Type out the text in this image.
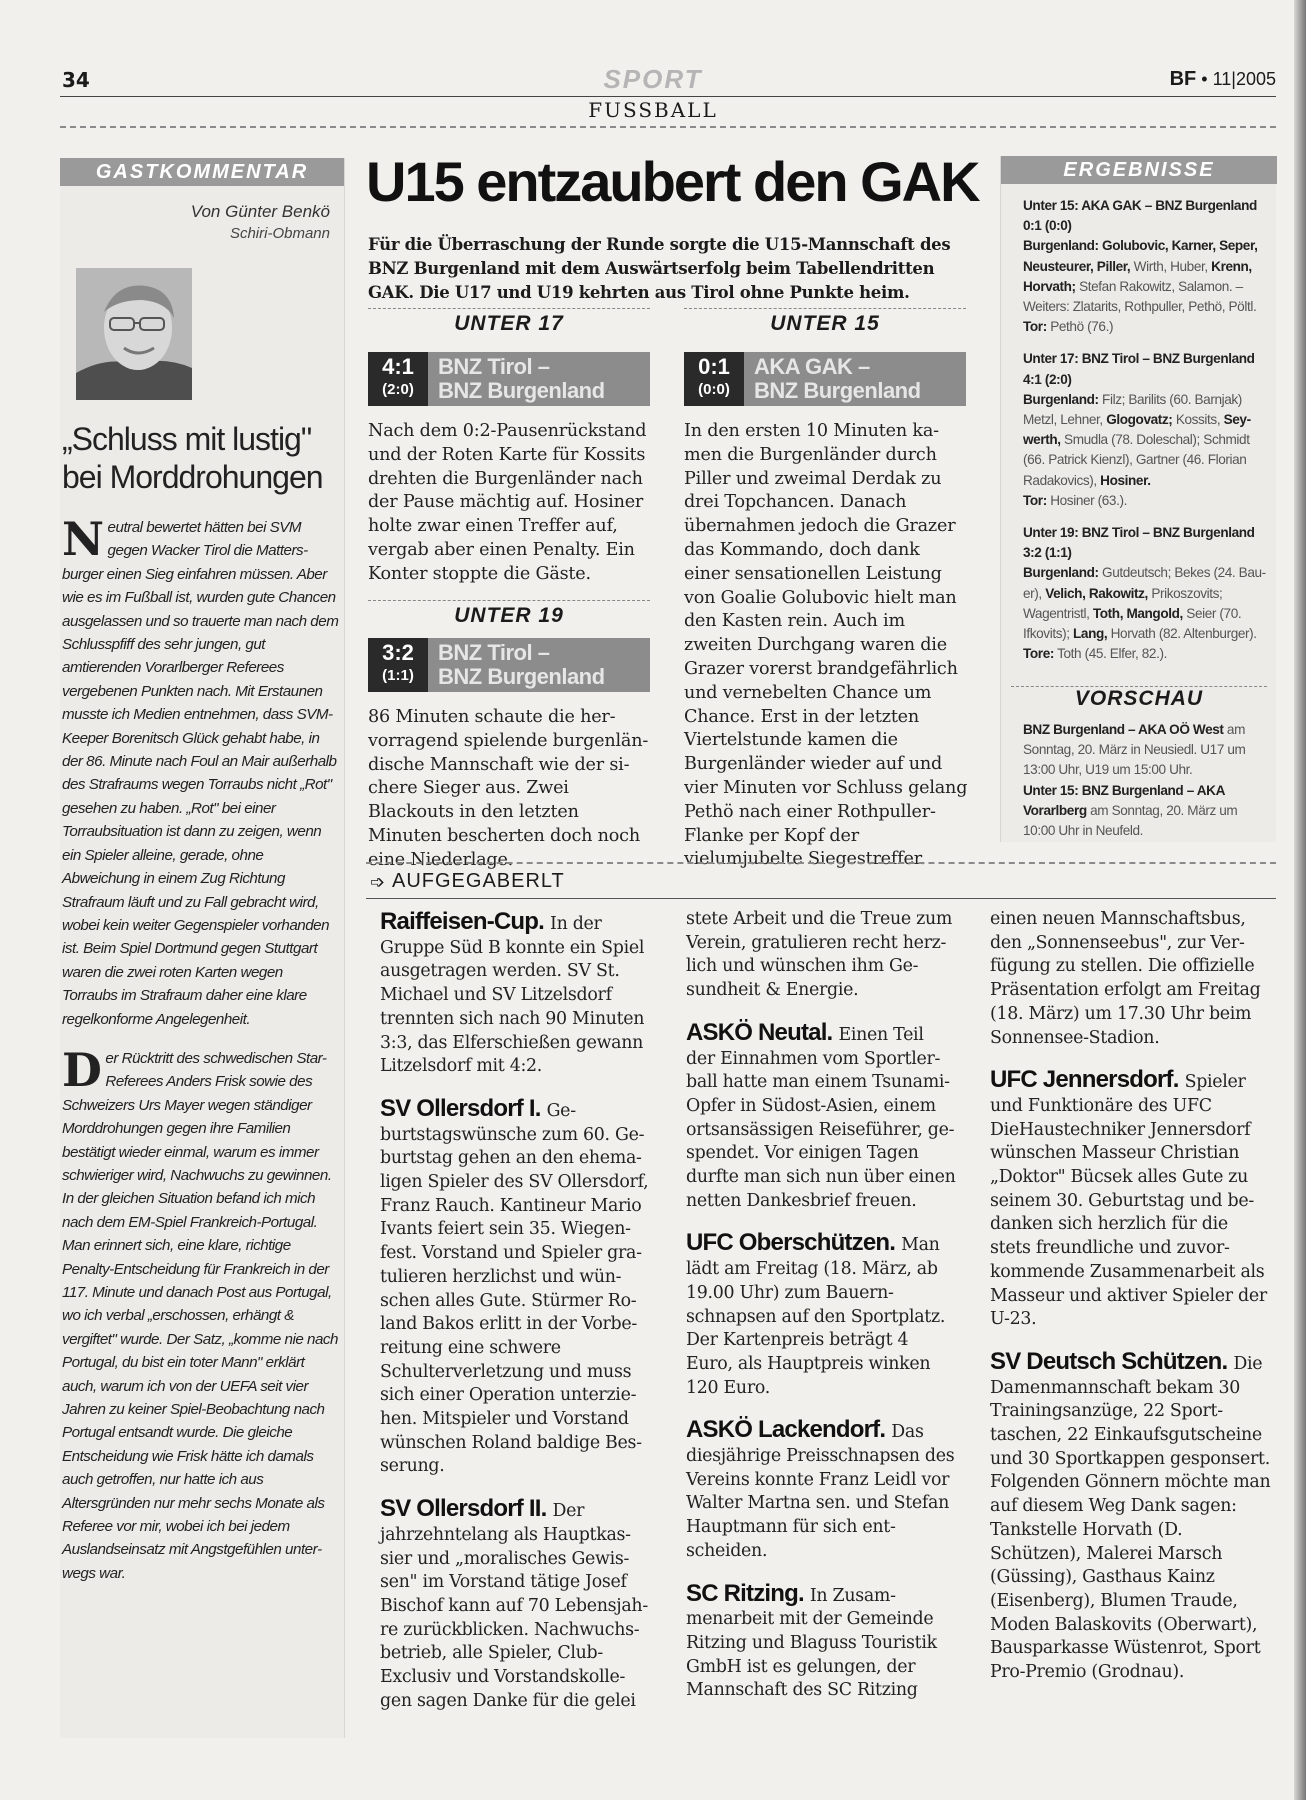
34	SPORT	BF • 11|2005
FUSSBALL
GASTKOMMENTAR
Von Günter Benkö
Schiri-Obmann
„Schluss mit lustig" bei Morddrohungen

Neutral bewertet hätten bei SVM gegen Wacker Tirol die Mattersburger einen Sieg einfahren müssen. Aber wie es im Fußball ist, wurden gute Chancen ausgelassen und so trauerte man nach dem Schlusspfiff des sehr jungen, gut amtierenden Vorarlberger Referees vergebenen Punkten nach. Mit Erstaunen musste ich Medien entnehmen, dass SVM-Keeper Borenitsch Glück gehabt habe, in der 86. Minute nach Foul an Mair außerhalb des Strafraums wegen Torraubs nicht „Rot" gesehen zu haben. „Rot" bei einer Torraubsituation ist dann zu zeigen, wenn ein Spieler alleine, gerade, ohne Abweichung in einem Zug Richtung Strafraum läuft und zu Fall gebracht wird, wobei kein weiter Gegenspieler vorhanden ist. Beim Spiel Dortmund gegen Stuttgart waren die zwei roten Karten wegen Torraubs im Strafraum daher eine klare regelkonforme Angelegenheit.

Der Rücktritt des schwedischen Star-Referees Anders Frisk sowie des Schweizers Urs Mayer wegen ständiger Morddrohungen gegen ihre Familien bestätigt wieder einmal, warum es immer schwieriger wird, Nachwuchs zu gewinnen. In der gleichen Situation befand ich mich nach dem EM-Spiel Frankreich-Portugal. Man erinnert sich, eine klare, richtige Penalty-Entscheidung für Frankreich in der 117. Minute und danach Post aus Portugal, wo ich verbal „erschossen, erhängt & vergiftet" wurde. Der Satz, „komme nie nach Portugal, du bist ein toter Mann" erklärt auch, warum ich von der UEFA seit vier Jahren zu keiner Spiel-Beobachtung nach Portugal entsandt wurde. Die gleiche Entscheidung wie Frisk hätte ich damals auch getroffen, nur hatte ich aus Altersgründen nur mehr sechs Monate als Referee vor mir, wobei ich bei jedem Auslandseinsatz mit Angstgefühlen unterwegs war.

U15 entzaubert den GAK
Für die Überraschung der Runde sorgte die U15-Mannschaft des BNZ Burgenland mit dem Auswärtserfolg beim Tabellendritten GAK. Die U17 und U19 kehrten aus Tirol ohne Punkte heim.
UNTER 17
4:1
(2:0)
BNZ Tirol –
BNZ Burgenland
Nach dem 0:2-Pausenrückstand und der Roten Karte für Kossits drehten die Burgenländer nach der Pause mächtig auf. Hosiner holte zwar einen Treffer auf, vergab aber einen Penalty. Ein Konter stoppte die Gäste.
UNTER 19
3:2
(1:1)
BNZ Tirol –
BNZ Burgenland
86 Minuten schaute die hervorragend spielende burgenländische Mannschaft wie der sichere Sieger aus. Zwei Blackouts in den letzten Minuten bescherten doch noch eine Niederlage.
UNTER 15
0:1
(0:0)
AKA GAK –
BNZ Burgenland
In den ersten 10 Minuten kamen die Burgenländer durch Piller und zweimal Derdak zu drei Topchancen. Danach übernahmen jedoch die Grazer das Kommando, doch dank einer sensationellen Leistung von Goalie Golubovic hielt man den Kasten rein. Auch im zweiten Durchgang waren die Grazer vorerst brandgefährlich und vernebelten Chance um Chance. Erst in der letzten Viertelstunde kamen die Burgenländer wieder auf und vier Minuten vor Schluss gelang Pethö nach einer Rothpuller-Flanke per Kopf der vielumjubelte Siegestreffer.
ERGEBNISSE

Unter 15: AKA GAK – BNZ Burgenland
0:1 (0:0)
Burgenland: Golubovic, Karner, Seper, Neusteurer, Piller, Wirth, Huber, Krenn, Horvath; Stefan Rakowitz, Salamon. – Weiters: Zlatarits, Rothpuller, Pethö, Pöltl.
Tor: Pethö (76.)

Unter 17: BNZ Tirol – BNZ Burgenland
4:1 (2:0)
Burgenland: Filz; Barilits (60. Barnjak) Metzl, Lehner, Glogovatz; Kossits, Seywerth, Smudla (78. Doleschal); Schmidt (66. Patrick Kienzl), Gartner (46. Florian Radakovics), Hosiner.
Tor: Hosiner (63.).

Unter 19: BNZ Tirol – BNZ Burgenland
3:2 (1:1)
Burgenland: Gutdeutsch; Bekes (24. Bauer), Velich, Rakowitz, Prikoszovits; Wagentristl, Toth, Mangold, Seier (70. Ifkovits); Lang, Horvath (82. Altenburger).
Tore: Toth (45. Elfer, 82.).

VORSCHAU
BNZ Burgenland – AKA OÖ West am Sonntag, 20. März in Neusiedl. U17 um 13:00 Uhr, U19 um 15:00 Uhr.
Unter 15: BNZ Burgenland – AKA Vorarlberg am Sonntag, 20. März um 10:00 Uhr in Neufeld.
➩ AUFGEGABERLT

Raiffeisen-Cup. In der Gruppe Süd B konnte ein Spiel ausgetragen werden. SV St. Michael und SV Litzelsdorf trennten sich nach 90 Minuten 3:3, das Elferschießen gewann Litzelsdorf mit 4:2.

SV Ollersdorf I. Geburtstagswünsche zum 60. Geburtstag gehen an den ehemaligen Spieler des SV Ollersdorf, Franz Rauch. Kantineur Mario Ivants feiert sein 35. Wiegenfest. Vorstand und Spieler gratulieren herzlichst und wünschen alles Gute. Stürmer Roland Bakos erlitt in der Vorbereitung eine schwere Schulterverletzung und muss sich einer Operation unterziehen. Mitspieler und Vorstand wünschen Roland baldige Besserung.

SV Ollersdorf II. Der jahrzehntelang als Hauptkassier und „moralisches Gewissen" im Vorstand tätige Josef Bischof kann auf 70 Lebensjahre zurückblicken. Nachwuchsbetrieb, alle Spieler, Club-Exclusiv und Vorstandskollegen sagen Danke für die gelei

stete Arbeit und die Treue zum Verein, gratulieren recht herzlich und wünschen ihm Gesundheit & Energie.

ASKÖ Neutal. Einen Teil der Einnahmen vom Sportlerball hatte man einem Tsunami-Opfer in Südost-Asien, einem ortsansässigen Reiseführer, gespendet. Vor einigen Tagen durfte man sich nun über einen netten Dankesbrief freuen.

UFC Oberschützen. Man lädt am Freitag (18. März, ab 19.00 Uhr) zum Bauernschnapsen auf den Sportplatz. Der Kartenpreis beträgt 4 Euro, als Hauptpreis winken 120 Euro.

ASKÖ Lackendorf. Das diesjährige Preisschnapsen des Vereins konnte Franz Leidl vor Walter Martna sen. und Stefan Hauptmann für sich entscheiden.

SC Ritzing. In Zusammenarbeit mit der Gemeinde Ritzing und Blaguss Touristik GmbH ist es gelungen, der Mannschaft des SC Ritzing

einen neuen Mannschaftsbus, den „Sonnenseebus", zur Verfügung zu stellen. Die offizielle Präsentation erfolgt am Freitag (18. März) um 17.30 Uhr beim Sonnensee-Stadion.

UFC Jennersdorf. Spieler und Funktionäre des UFC DieHaustechniker Jennersdorf wünschen Masseur Christian „Doktor" Bücsek alles Gute zu seinem 30. Geburtstag und bedanken sich herzlich für die stets freundliche und zuvorkommende Zusammenarbeit als Masseur und aktiver Spieler der U-23.

SV Deutsch Schützen. Die Damenmannschaft bekam 30 Trainingsanzüge, 22 Sporttaschen, 22 Einkaufsgutscheine und 30 Sportkappen gesponsert. Folgenden Gönnern möchte man auf diesem Weg Dank sagen: Tankstelle Horvath (D. Schützen), Malerei Marsch (Güssing), Gasthaus Kainz (Eisenberg), Blumen Traude, Moden Balaskovits (Oberwart), Bausparkasse Wüstenrot, Sport Pro-Premio (Grodnau).
